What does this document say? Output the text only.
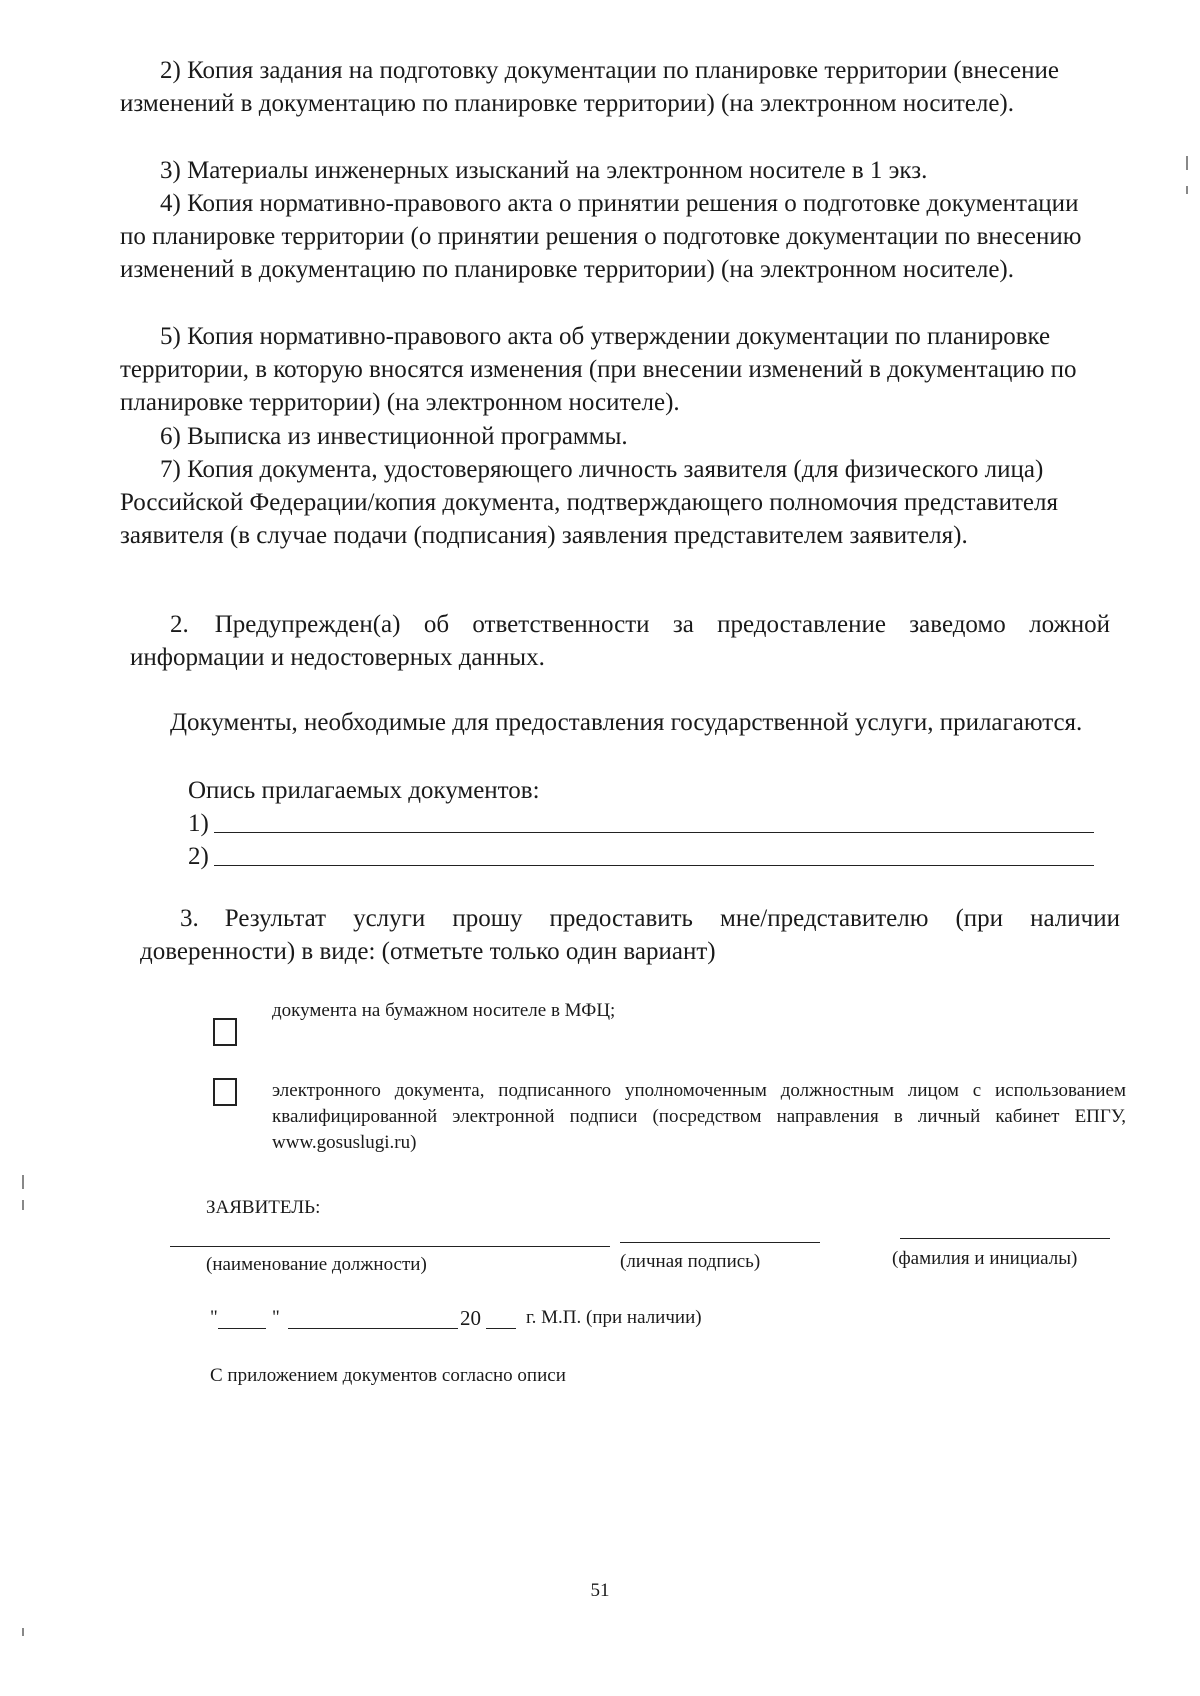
2) Копия задания на подготовку документации по планировке территории (внесение изменений в документацию по планировке территории) (на электронном носителе).

3) Материалы инженерных изысканий на электронном носителе в 1 экз.

4) Копия нормативно-правового акта о принятии решения о подготовке документации по планировке территории (о принятии решения о подготовке документации по внесению изменений в документацию по планировке территории) (на электронном носителе).

5) Копия нормативно-правового акта об утверждении документации по планировке территории, в которую вносятся изменения (при внесении изменений в документацию по планировке территории) (на электронном носителе).

6) Выписка из инвестиционной программы.

7) Копия документа, удостоверяющего личность заявителя (для физического лица) Российской Федерации/копия документа, подтверждающего полномочия представителя заявителя (в случае подачи (подписания) заявления представителем заявителя).

2. Предупрежден(а) об ответственности за предоставление заведомо ложной информации и недостоверных данных.

Документы, необходимые для предоставления государственной услуги, прилагаются.

Опись прилагаемых документов:
1)
2)
3. Результат услуги прошу предоставить мне/представителю (при наличии доверенности) в виде: (отметьте только один вариант)
документа на бумажном носителе в МФЦ;
электронного документа, подписанного уполномоченным должностным лицом с использованием квалифицированной электронной подписи (посредством направления в личный кабинет ЕПГУ, www.gosuslugi.ru)
ЗАЯВИТЕЛЬ:
(наименование должности)	(личная подпись)	(фамилия и инициалы)
"	"	20 г. М.П. (при наличии)
С приложением документов согласно описи
51
